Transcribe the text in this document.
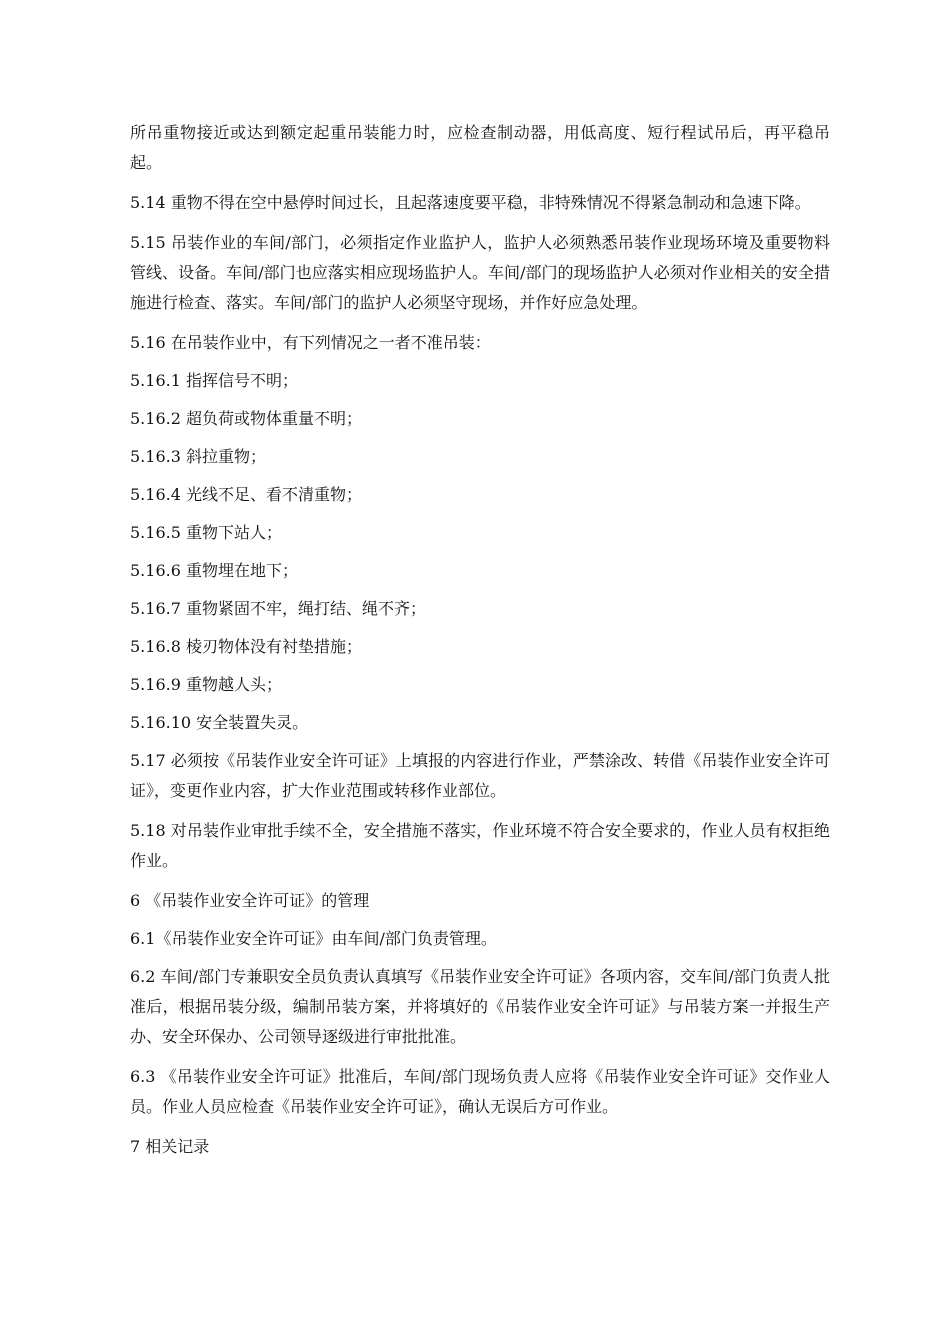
所吊重物接近或达到额定起重吊装能力时，应检查制动器，用低高度、短行程试吊后，再平稳吊起。

5.14 重物不得在空中悬停时间过长，且起落速度要平稳，非特殊情况不得紧急制动和急速下降。

5.15 吊装作业的车间/部门，必须指定作业监护人，监护人必须熟悉吊装作业现场环境及重要物料管线、设备。车间/部门也应落实相应现场监护人。车间/部门的现场监护人必须对作业相关的安全措施进行检查、落实。车间/部门的监护人必须坚守现场，并作好应急处理。

5.16 在吊装作业中，有下列情况之一者不准吊装：

5.16.1 指挥信号不明；

5.16.2 超负荷或物体重量不明；

5.16.3 斜拉重物；

5.16.4 光线不足、看不清重物；

5.16.5 重物下站人；

5.16.6 重物埋在地下；

5.16.7 重物紧固不牢，绳打结、绳不齐；

5.16.8 棱刃物体没有衬垫措施；

5.16.9 重物越人头；

5.16.10 安全装置失灵。

5.17 必须按《吊装作业安全许可证》上填报的内容进行作业，严禁涂改、转借《吊装作业安全许可证》，变更作业内容，扩大作业范围或转移作业部位。

5.18 对吊装作业审批手续不全，安全措施不落实，作业环境不符合安全要求的，作业人员有权拒绝作业。

6 《吊装作业安全许可证》的管理

6.1《吊装作业安全许可证》由车间/部门负责管理。

6.2 车间/部门专兼职安全员负责认真填写《吊装作业安全许可证》各项内容，交车间/部门负责人批准后，根据吊装分级，编制吊装方案，并将填好的《吊装作业安全许可证》与吊装方案一并报生产办、安全环保办、公司领导逐级进行审批批准。

6.3 《吊装作业安全许可证》批准后，车间/部门现场负责人应将《吊装作业安全许可证》交作业人员。作业人员应检查《吊装作业安全许可证》，确认无误后方可作业。

7 相关记录
